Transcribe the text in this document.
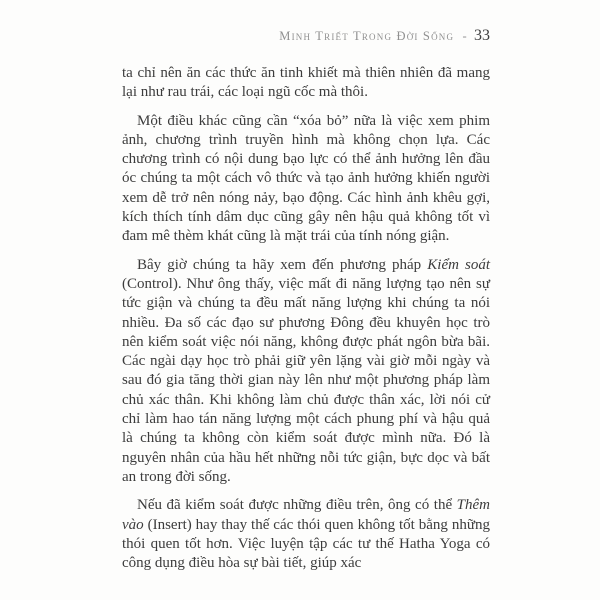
Minh Triết Trong Đời Sống - 33

ta chỉ nên ăn các thức ăn tinh khiết mà thiên nhiên đã mang lại như rau trái, các loại ngũ cốc mà thôi.

Một điều khác cũng cần “xóa bỏ” nữa là việc xem phim ảnh, chương trình truyền hình mà không chọn lựa. Các chương trình có nội dung bạo lực có thể ảnh hưởng lên đầu óc chúng ta một cách vô thức và tạo ảnh hưởng khiến người xem dễ trở nên nóng nảy, bạo động. Các hình ảnh khêu gợi, kích thích tính dâm dục cũng gây nên hậu quả không tốt vì đam mê thèm khát cũng là mặt trái của tính nóng giận.

Bây giờ chúng ta hãy xem đến phương pháp Kiểm soát (Control). Như ông thấy, việc mất đi năng lượng tạo nên sự tức giận và chúng ta đều mất năng lượng khi chúng ta nói nhiều. Đa số các đạo sư phương Đông đều khuyên học trò nên kiểm soát việc nói năng, không được phát ngôn bừa bãi. Các ngài dạy học trò phải giữ yên lặng vài giờ mỗi ngày và sau đó gia tăng thời gian này lên như một phương pháp làm chủ xác thân. Khi không làm chủ được thân xác, lời nói cử chỉ làm hao tán năng lượng một cách phung phí và hậu quả là chúng ta không còn kiểm soát được mình nữa. Đó là nguyên nhân của hầu hết những nỗi tức giận, bực dọc và bất an trong đời sống.

Nếu đã kiểm soát được những điều trên, ông có thể Thêm vào (Insert) hay thay thế các thói quen không tốt bằng những thói quen tốt hơn. Việc luyện tập các tư thế Hatha Yoga có công dụng điều hòa sự bài tiết, giúp xác
